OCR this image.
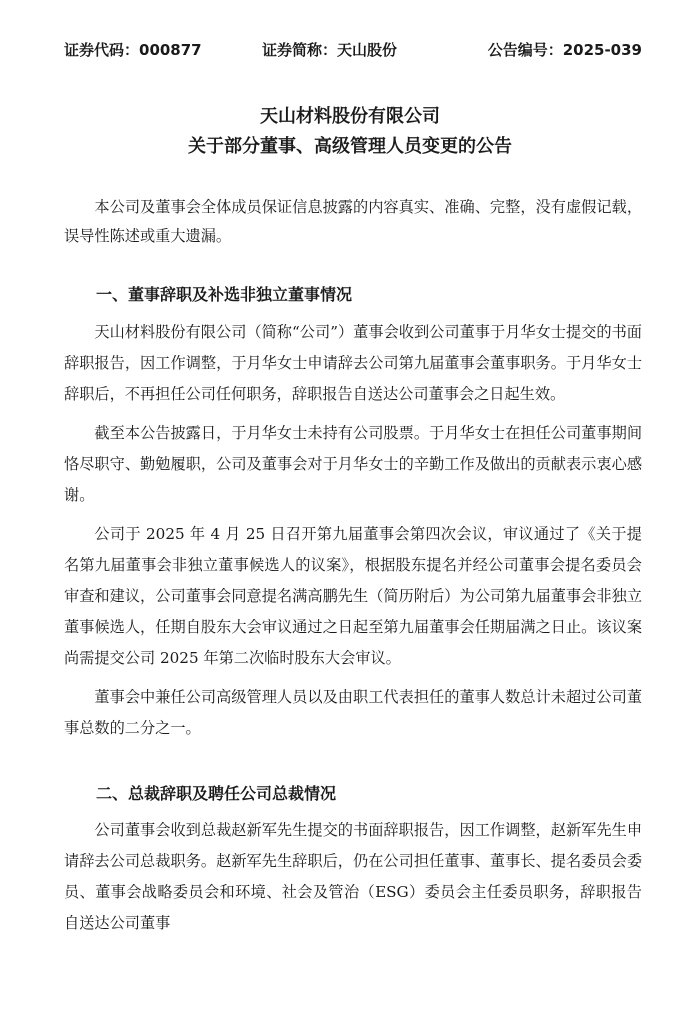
证券代码：000877	证券简称：天山股份	公告编号：2025-039
天山材料股份有限公司
关于部分董事、高级管理人员变更的公告

本公司及董事会全体成员保证信息披露的内容真实、准确、完整，没有虚假记载，误导性陈述或重大遗漏。

一、董事辞职及补选非独立董事情况

天山材料股份有限公司（简称“公司”）董事会收到公司董事于月华女士提交的书面辞职报告，因工作调整，于月华女士申请辞去公司第九届董事会董事职务。于月华女士辞职后，不再担任公司任何职务，辞职报告自送达公司董事会之日起生效。

截至本公告披露日，于月华女士未持有公司股票。于月华女士在担任公司董事期间恪尽职守、勤勉履职，公司及董事会对于月华女士的辛勤工作及做出的贡献表示衷心感谢。

公司于 2025 年 4 月 25 日召开第九届董事会第四次会议，审议通过了《关于提名第九届董事会非独立董事候选人的议案》，根据股东提名并经公司董事会提名委员会审查和建议，公司董事会同意提名满高鹏先生（简历附后）为公司第九届董事会非独立董事候选人，任期自股东大会审议通过之日起至第九届董事会任期届满之日止。该议案尚需提交公司 2025 年第二次临时股东大会审议。

董事会中兼任公司高级管理人员以及由职工代表担任的董事人数总计未超过公司董事总数的二分之一。

二、总裁辞职及聘任公司总裁情况

公司董事会收到总裁赵新军先生提交的书面辞职报告，因工作调整，赵新军先生申请辞去公司总裁职务。赵新军先生辞职后，仍在公司担任董事、董事长、提名委员会委员、董事会战略委员会和环境、社会及管治（ESG）委员会主任委员职务，辞职报告自送达公司董事
